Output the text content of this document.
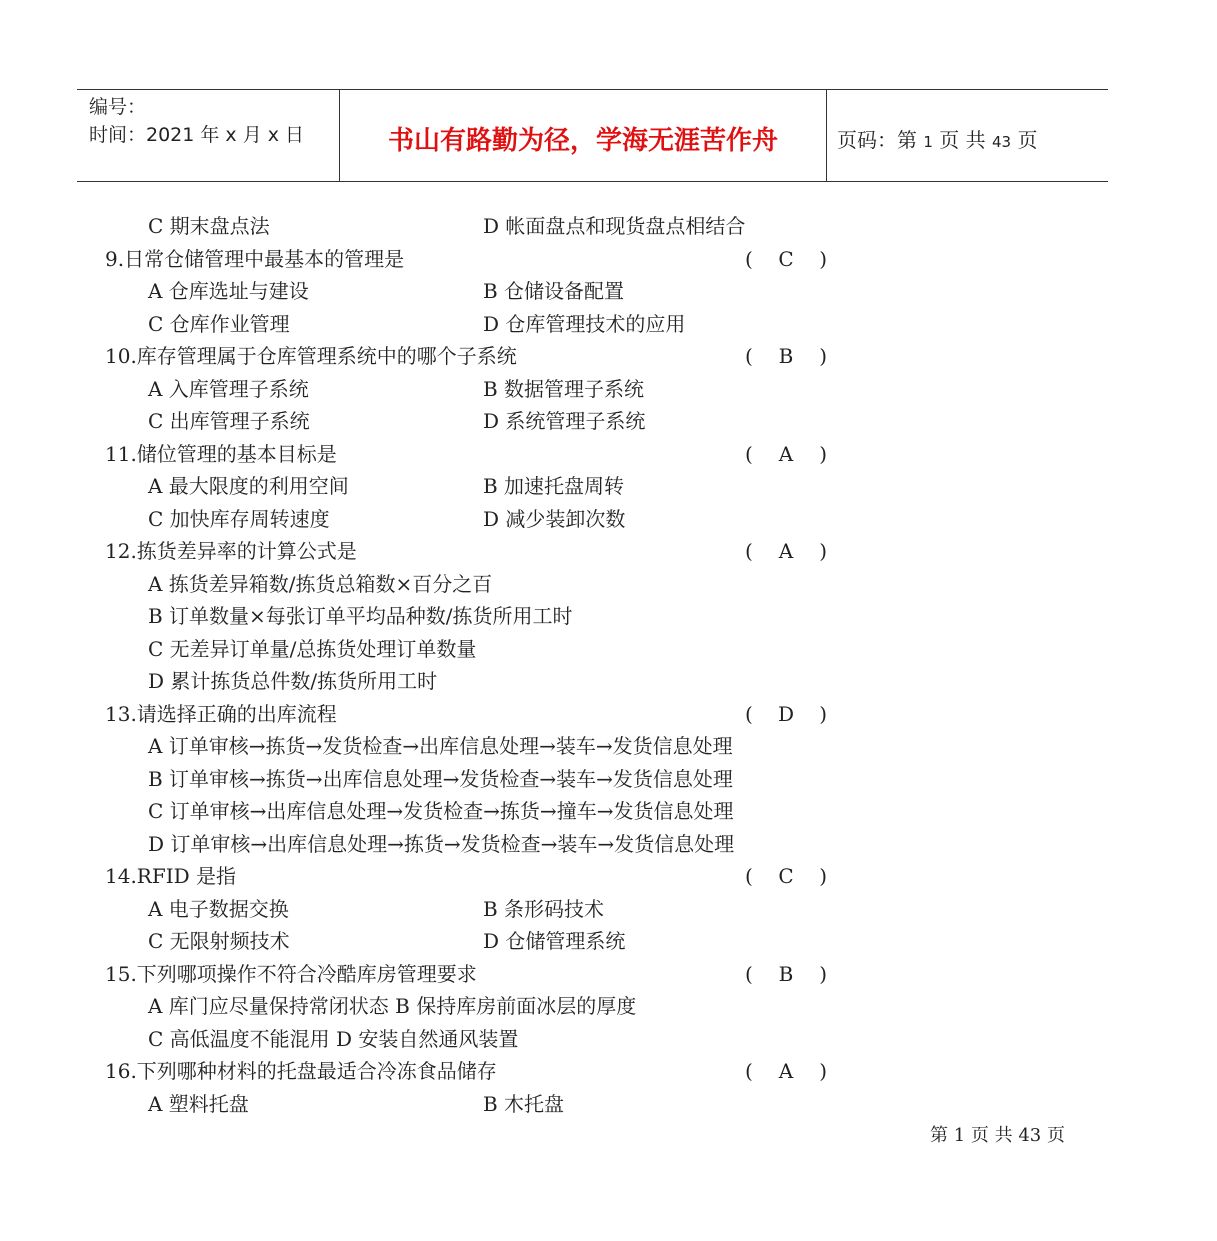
编号：
时间：2021 年 x 月 x 日	书山有路勤为径，学海无涯苦作舟	页码：第 1 页 共 43 页
C 期末盘点法	D 帐面盘点和现货盘点相结合
9.日常仓储管理中最基本的管理是	(	C	)
A 仓库选址与建设	B 仓储设备配置
C 仓库作业管理	D 仓库管理技术的应用
10.库存管理属于仓库管理系统中的哪个子系统	(	B	)
A 入库管理子系统	B 数据管理子系统
C 出库管理子系统	D 系统管理子系统
11.储位管理的基本目标是	(	A	)
A 最大限度的利用空间	B 加速托盘周转
C 加快库存周转速度	D 减少装卸次数
12.拣货差异率的计算公式是	(	A	)
A 拣货差异箱数/拣货总箱数×百分之百
B 订单数量×每张订单平均品种数/拣货所用工时
C 无差异订单量/总拣货处理订单数量
D 累计拣货总件数/拣货所用工时
13.请选择正确的出库流程	(	D	)
A 订单审核→拣货→发货检查→出库信息处理→装车→发货信息处理
B 订单审核→拣货→出库信息处理→发货检查→装车→发货信息处理
C 订单审核→出库信息处理→发货检查→拣货→撞车→发货信息处理
D 订单审核→出库信息处理→拣货→发货检查→装车→发货信息处理
14.RFID 是指	(	C	)
A 电子数据交换	B 条形码技术
C 无限射频技术	D 仓储管理系统
15.下列哪项操作不符合冷酷库房管理要求	(	B	)
A 库门应尽量保持常闭状态 B 保持库房前面冰层的厚度
C 高低温度不能混用 D 安装自然通风装置
16.下列哪种材料的托盘最适合冷冻食品储存	(	A	)
A 塑料托盘	B 木托盘
第 1 页 共 43 页
